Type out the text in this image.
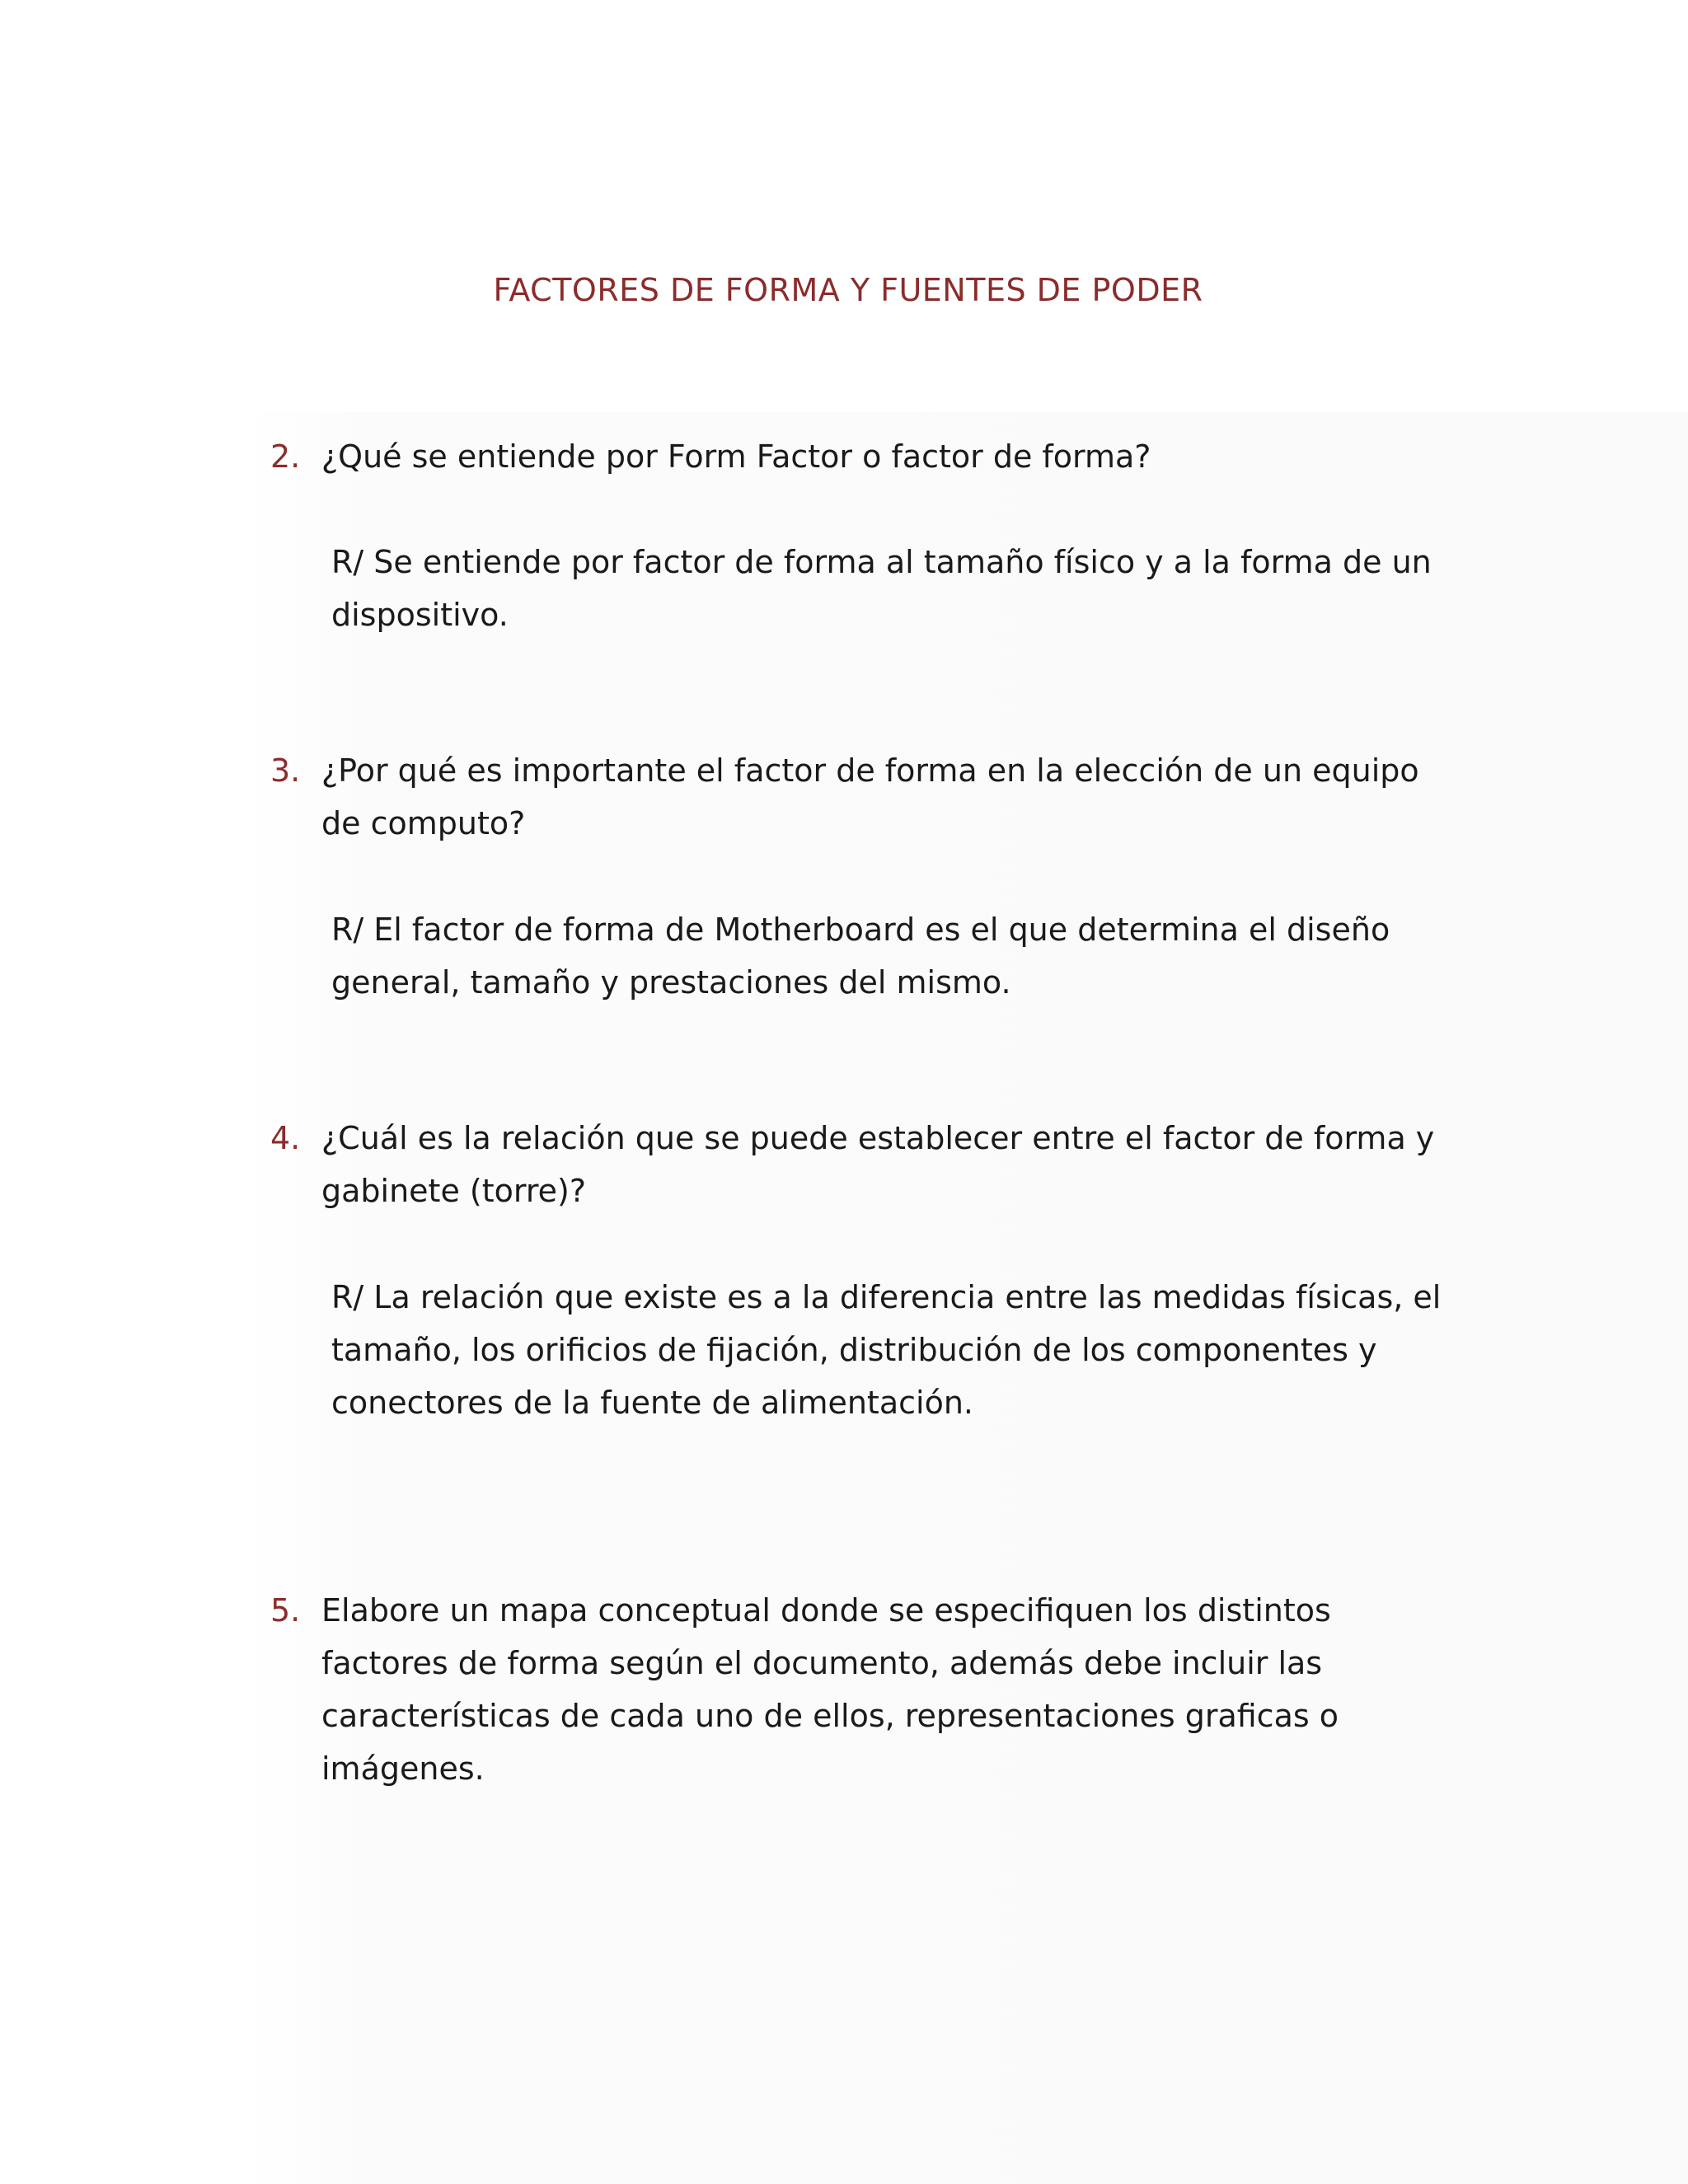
FACTORES DE FORMA Y FUENTES DE PODER
2. ¿Qué se entiende por Form Factor o factor de forma?
R/ Se entiende por factor de forma al tamaño físico y a la forma de un dispositivo.
3. ¿Por qué es importante el factor de forma en la elección de un equipo de computo?
R/ El factor de forma de Motherboard es el que determina el diseño general, tamaño y prestaciones del mismo.
4. ¿Cuál es la relación que se puede establecer entre el factor de forma y gabinete (torre)?
R/ La relación que existe es a la diferencia entre las medidas físicas, el tamaño, los orificios de fijación, distribución de los componentes y conectores de la fuente de alimentación.
5. Elabore un mapa conceptual donde se especifiquen los distintos factores de forma según el documento, además debe incluir las características de cada uno de ellos, representaciones graficas o imágenes.
